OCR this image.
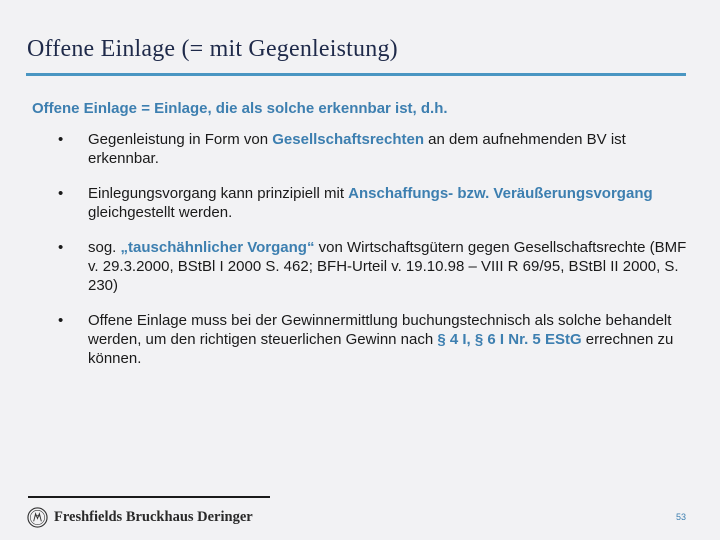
Offene Einlage (= mit Gegenleistung)
Offene Einlage = Einlage, die als solche erkennbar ist, d.h.
• Gegenleistung in Form von Gesellschaftsrechten an dem aufnehmenden BV ist erkennbar.
• Einlegungsvorgang kann prinzipiell mit Anschaffungs- bzw. Veräußerungsvorgang gleichgestellt werden.
• sog. „tauschähnlicher Vorgang“ von Wirtschaftsgütern gegen Gesellschaftsrechte (BMF v. 29.3.2000, BStBl I 2000 S. 462; BFH-Urteil v. 19.10.98 – VIII R 69/95, BStBl II 2000, S. 230)
• Offene Einlage muss bei der Gewinnermittlung buchungstechnisch als solche behandelt werden, um den richtigen steuerlichen Gewinn nach § 4 I, § 6 I Nr. 5 EStG errechnen zu können.
Freshfields Bruckhaus Deringer	53
